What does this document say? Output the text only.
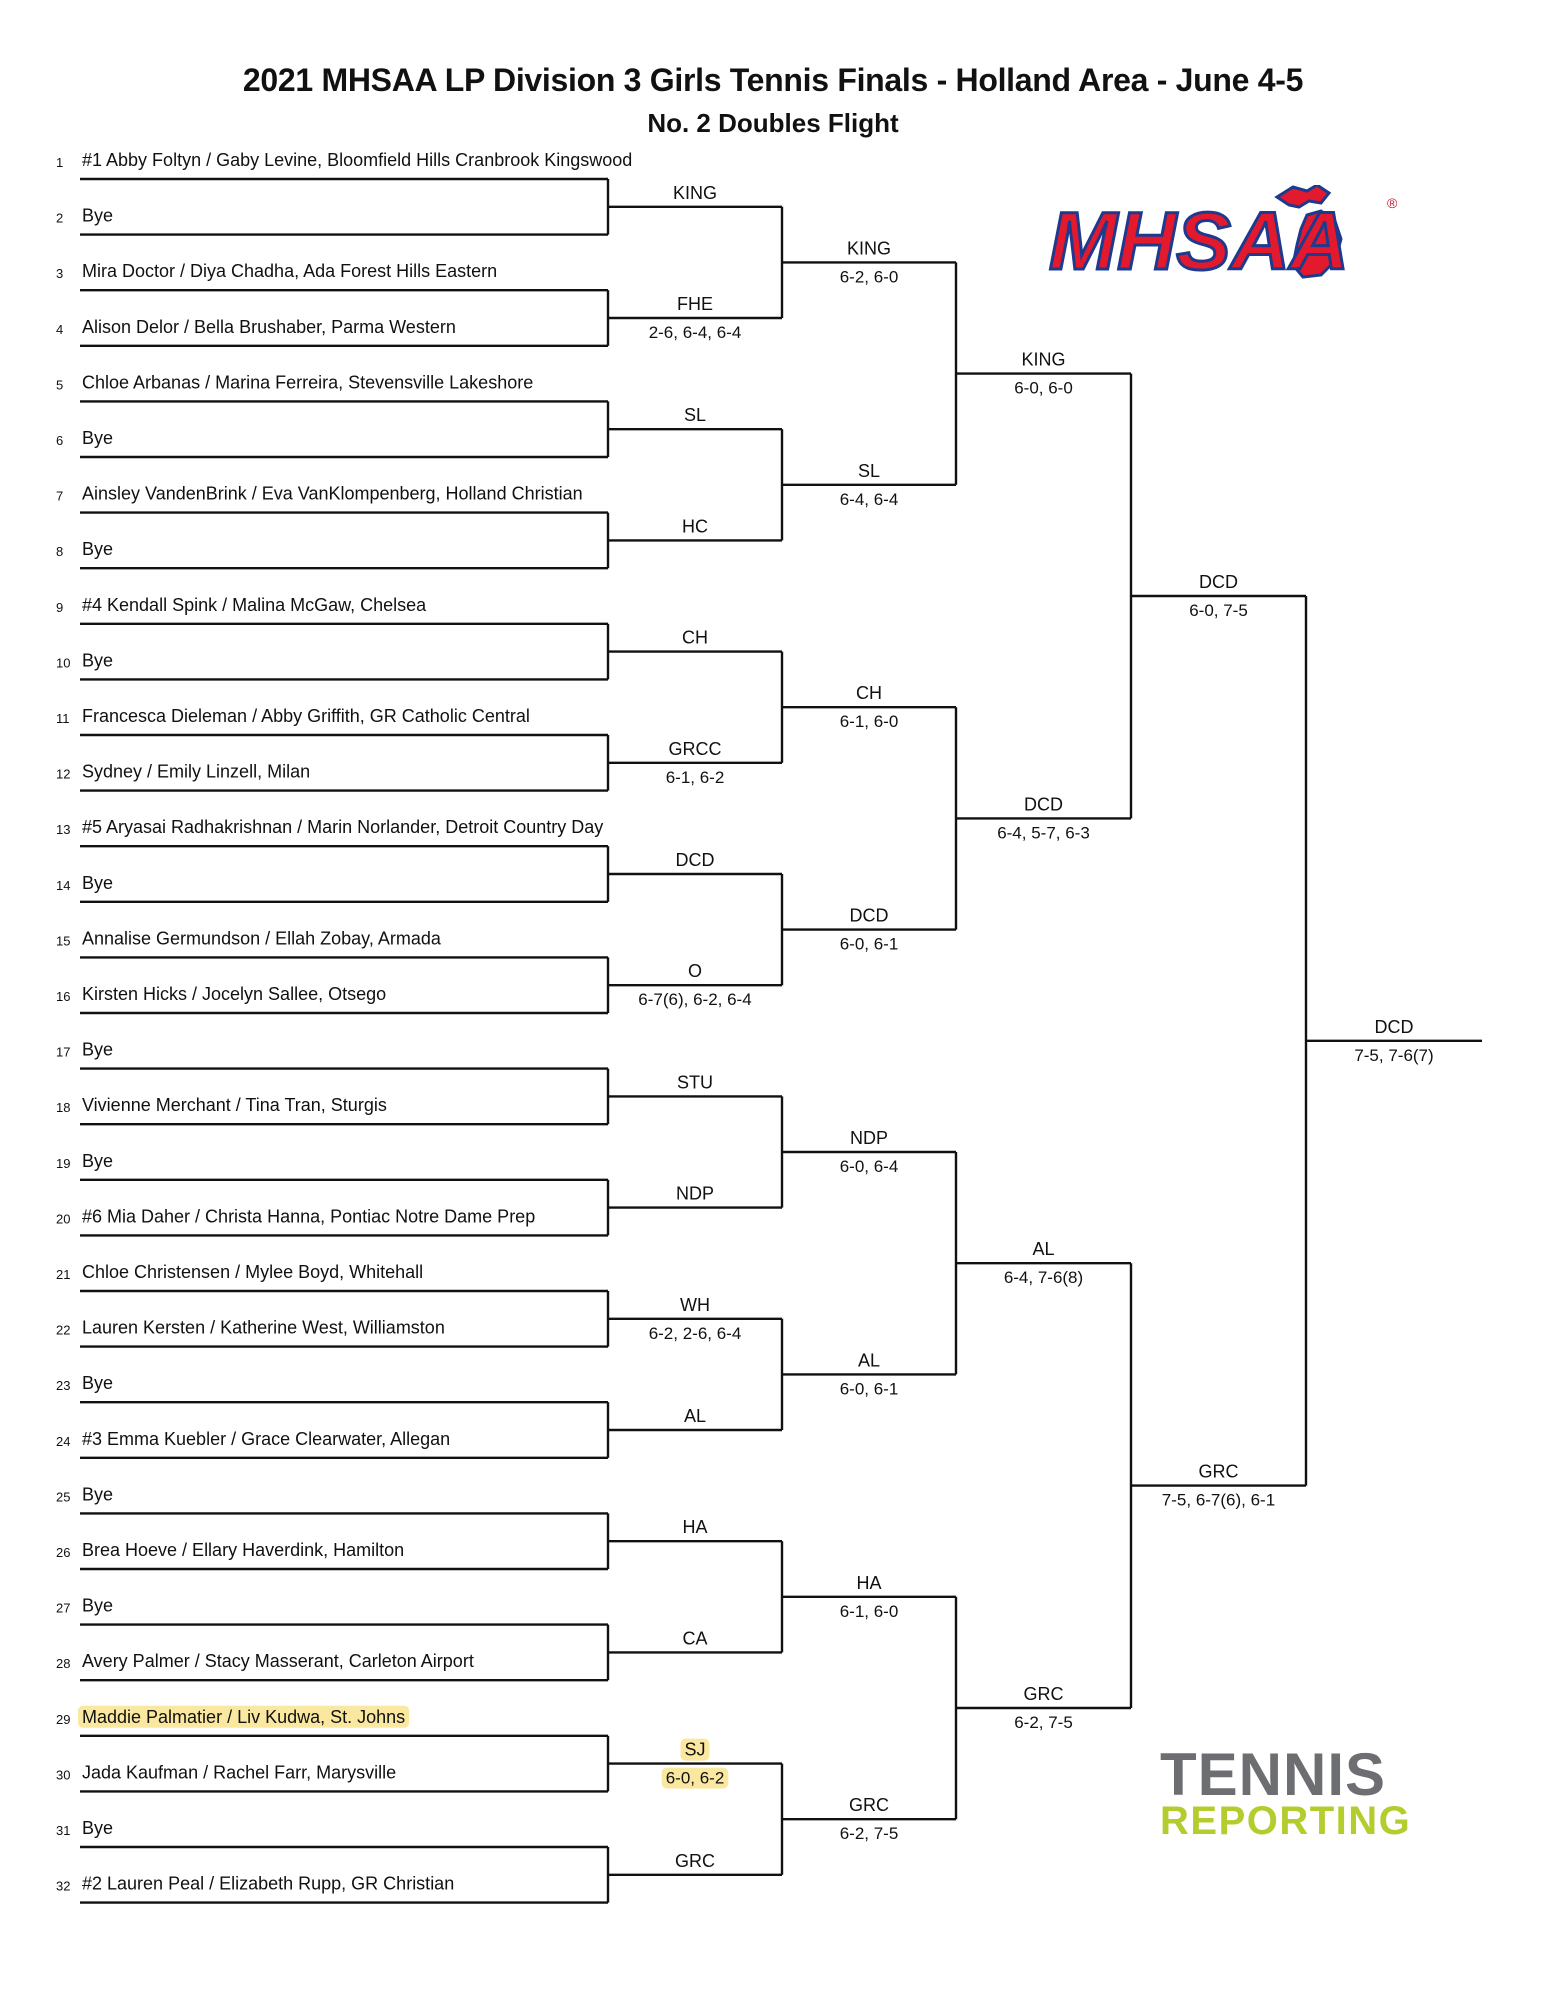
2021 MHSAA LP Division 3 Girls Tennis Finals - Holland Area - June 4-5
No. 2 Doubles Flight
1 #1 Abby Foltyn / Gaby Levine, Bloomfield Hills Cranbrook Kingswood
2 Bye
3 Mira Doctor / Diya Chadha, Ada Forest Hills Eastern
4 Alison Delor / Bella Brushaber, Parma Western
5 Chloe Arbanas / Marina Ferreira, Stevensville Lakeshore
6 Bye
7 Ainsley VandenBrink / Eva VanKlompenberg, Holland Christian
8 Bye
9 #4 Kendall Spink / Malina McGaw, Chelsea
10 Bye
11 Francesca Dieleman / Abby Griffith, GR Catholic Central
12 Sydney / Emily Linzell, Milan
13 #5 Aryasai Radhakrishnan / Marin Norlander, Detroit Country Day
14 Bye
15 Annalise Germundson / Ellah Zobay, Armada
16 Kirsten Hicks / Jocelyn Sallee, Otsego
17 Bye
18 Vivienne Merchant / Tina Tran, Sturgis
19 Bye
20 #6 Mia Daher / Christa Hanna, Pontiac Notre Dame Prep
21 Chloe Christensen / Mylee Boyd, Whitehall
22 Lauren Kersten / Katherine West, Williamston
23 Bye
24 #3 Emma Kuebler / Grace Clearwater, Allegan
25 Bye
26 Brea Hoeve / Ellary Haverdink, Hamilton
27 Bye
28 Avery Palmer / Stacy Masserant, Carleton Airport
29 Maddie Palmatier / Liv Kudwa, St. Johns
30 Jada Kaufman / Rachel Farr, Marysville
31 Bye
32 #2 Lauren Peal / Elizabeth Rupp, GR Christian
KING
FHE
2-6, 6-4, 6-4
SL
HC
CH
GRCC
6-1, 6-2
DCD
O
6-7(6), 6-2, 6-4
STU
NDP
WH
6-2, 2-6, 6-4
AL
HA
CA
SJ
6-0, 6-2
GRC
KING
6-2, 6-0
SL
6-4, 6-4
CH
6-1, 6-0
DCD
6-0, 6-1
NDP
6-0, 6-4
AL
6-0, 6-1
HA
6-1, 6-0
GRC
6-2, 7-5
KING
6-0, 6-0
DCD
6-4, 5-7, 6-3
AL
6-4, 7-6(8)
GRC
6-2, 7-5
DCD
6-0, 7-5
GRC
7-5, 6-7(6), 6-1
DCD
7-5, 7-6(7)
MHSAA	®
TENNIS
REPORTING
